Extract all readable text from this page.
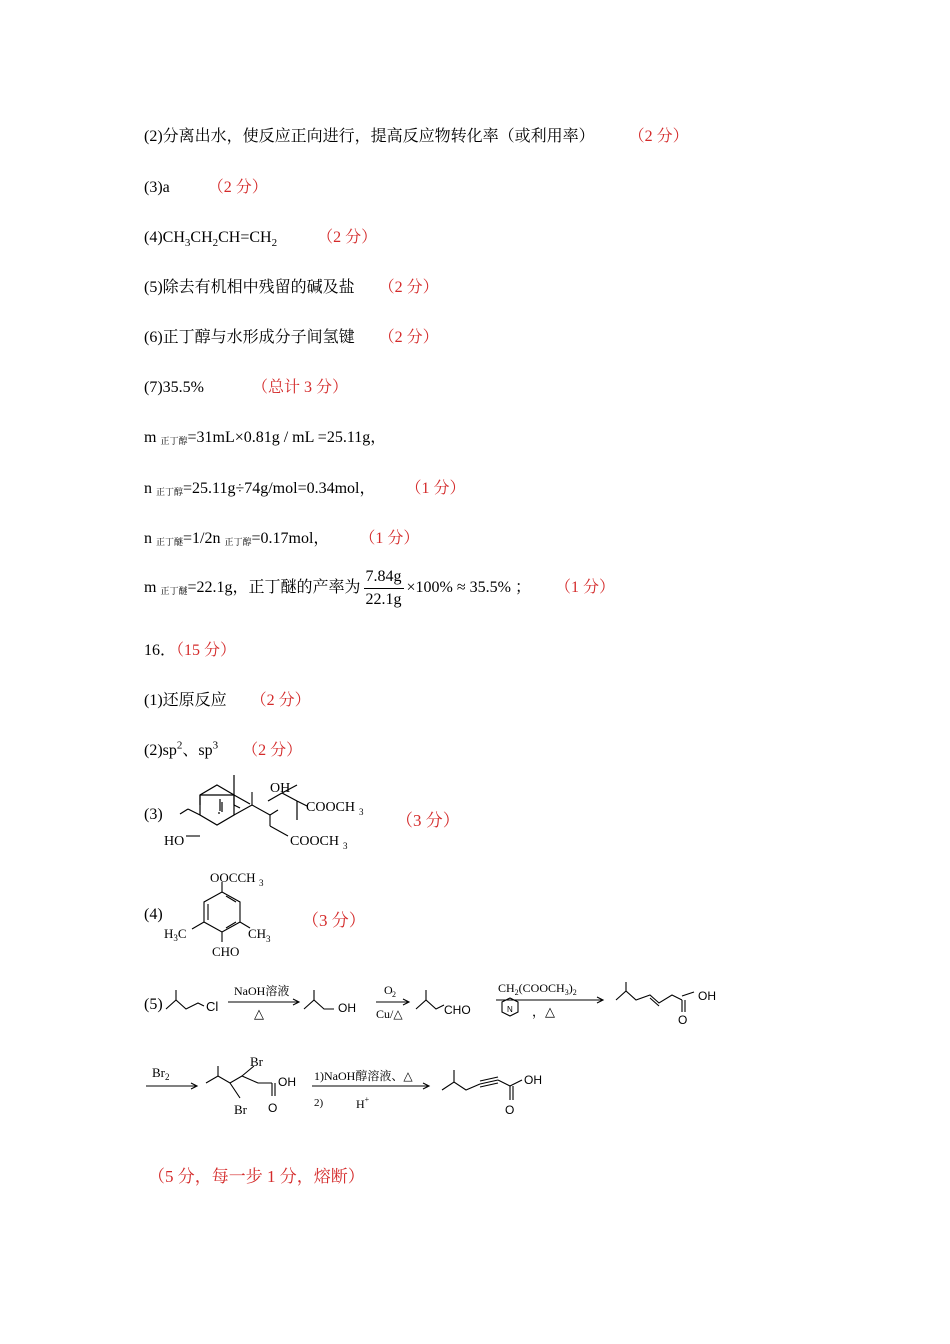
(2)分离出水，使反应正向进行，提高反应物转化率（或利用率） （2 分）
(3)a （2 分）
$(4)CH_3CH_2CH=CH_2$	（2 分）
(5)除去有机相中残留的碱及盐 （2 分）
(6)正丁醇与水形成分子间氢键 （2 分）
(7)35.5%	（总计 3 分）
m 正丁醇=31mL×0.81g / mL =25.11g，
n 正丁醇=25.11g÷74g/mol=0.34mol， （1 分）
n 正丁醚=1/2n 正丁醇=0.17mol， （1 分）
m 正丁醚=22.1g，正丁醚的产率为 $\frac{7.84g}{22.1g} \times 100\% \approx 35.5\%$ ； （1 分）
16．（15 分）
(1)还原反应 （2 分）
$(2)sp^2$、$sp^3$ （2 分）
(3)	（3 分）
OH
COOCH 3
COOCH 3
HO
(4)	（3 分）
OOCCH 3
$H_3C$	CH 3
CHO
(5)	Cl
NaOH溶液
△	OH
O 2
Cu/△	CHO
$CH_2(COOCH_3)_2$
N ，△
OH
O
$Br_2$
Br
Br
OH
O
1)NaOH醇溶液、△
2)	H+
OH
O
（5 分，每一步 1 分，熔断）
